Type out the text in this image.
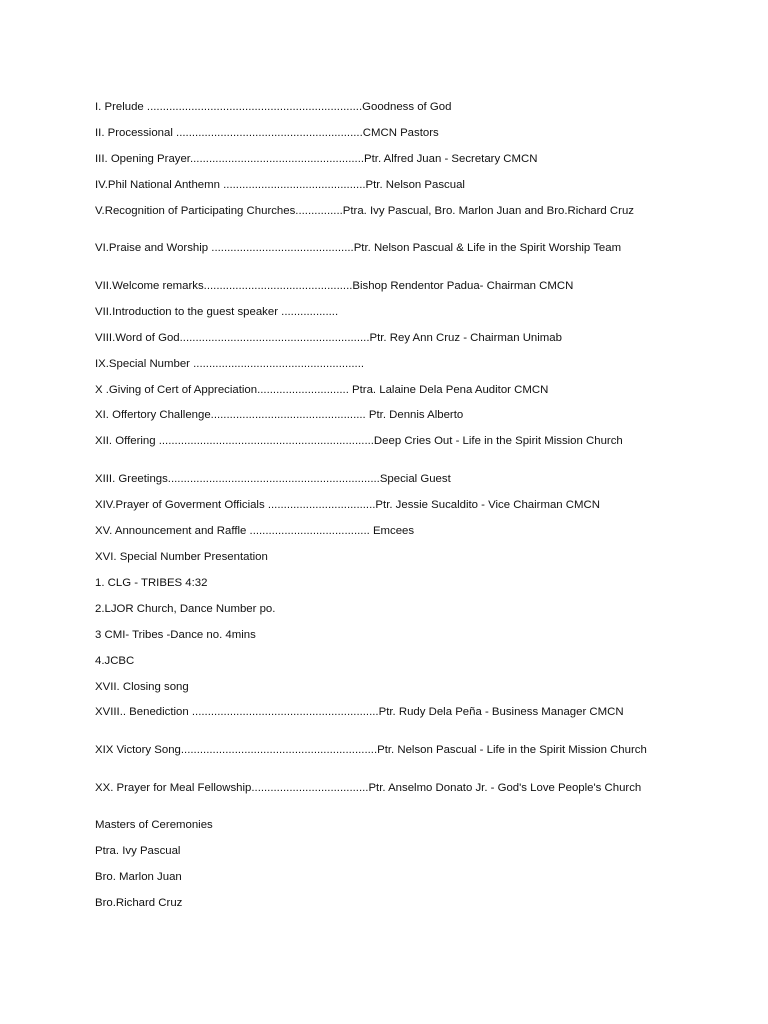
I. Prelude ....................................................................Goodness of God
II. Processional ...........................................................CMCN Pastors
III. Opening Prayer.......................................................Ptr. Alfred Juan - Secretary CMCN
IV.Phil National Anthemn .............................................Ptr. Nelson Pascual
V.Recognition of Participating Churches...............Ptra. Ivy Pascual, Bro. Marlon Juan and Bro.Richard Cruz
VI.Praise and Worship .............................................Ptr. Nelson Pascual & Life in the Spirit Worship Team
VII.Welcome remarks...............................................Bishop Rendentor Padua- Chairman CMCN
VII.Introduction to the guest speaker ..................
VIII.Word of God............................................................Ptr. Rey Ann Cruz - Chairman Unimab
IX.Special Number ......................................................
X .Giving of Cert of Appreciation............................. Ptra. Lalaine Dela Pena Auditor CMCN
XI. Offertory Challenge................................................. Ptr. Dennis Alberto
XII. Offering ....................................................................Deep Cries Out - Life in the Spirit Mission Church
XIII. Greetings...................................................................Special Guest
XIV.Prayer of Goverment Officials ..................................Ptr. Jessie Sucaldito - Vice Chairman CMCN
XV. Announcement and Raffle ...................................... Emcees
XVI. Special Number Presentation
1. CLG - TRIBES 4:32
2.LJOR Church, Dance Number po.
3 CMI- Tribes -Dance no. 4mins
4.JCBC
XVII. Closing song
XVIII.. Benediction ...........................................................Ptr. Rudy Dela Peña - Business Manager CMCN
XIX Victory Song..............................................................Ptr. Nelson Pascual - Life in the Spirit Mission Church
XX. Prayer for Meal Fellowship.....................................Ptr. Anselmo Donato Jr. - God's Love People's Church
Masters of Ceremonies
Ptra. Ivy Pascual
Bro. Marlon Juan
Bro.Richard Cruz
